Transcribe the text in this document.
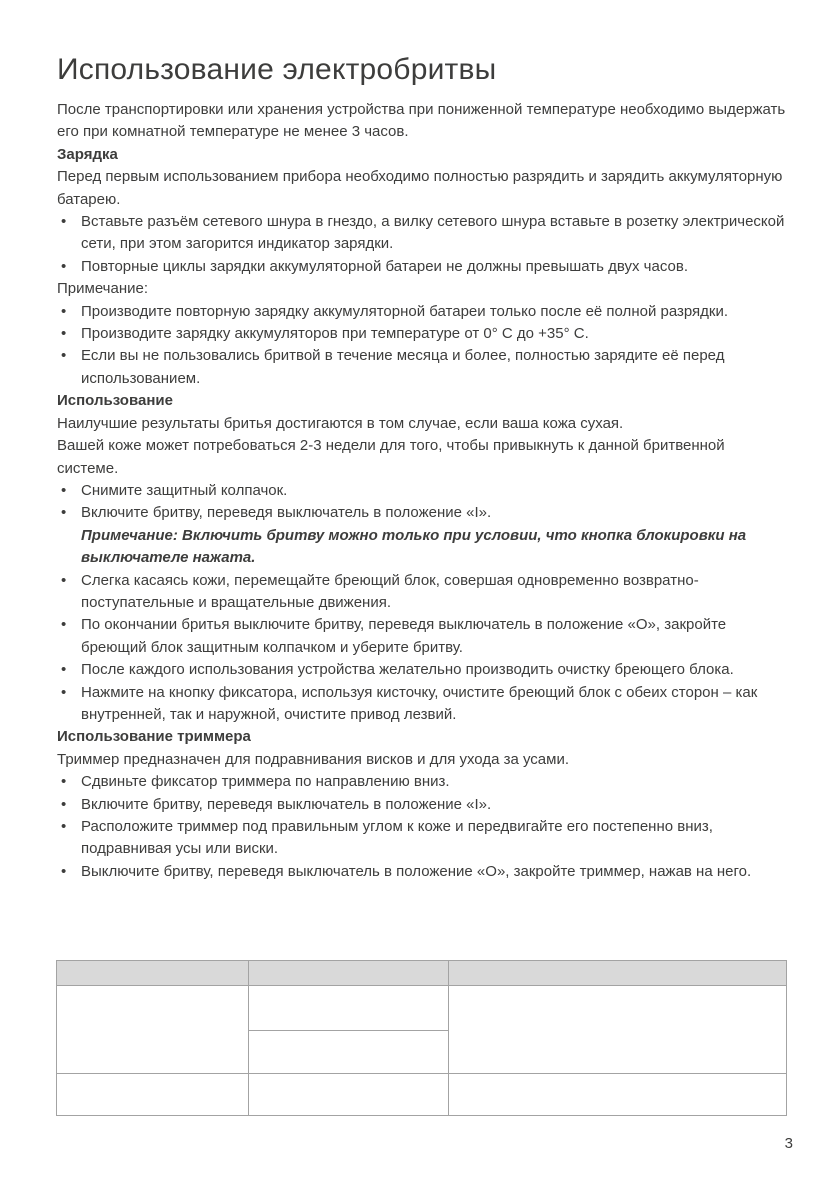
Использование электробритвы

После транспортировки или хранения устройства при пониженной температуре необходимо выдержать его при комнатной температуре не менее 3 часов.

Зарядка

Перед первым использованием прибора необходимо полностью разрядить и зарядить аккумуляторную батарею.

• Вставьте разъём сетевого шнура в гнездо, а вилку сетевого шнура вставьте в розетку электрической сети, при этом загорится индикатор зарядки.
• Повторные циклы зарядки аккумуляторной батареи не должны превышать двух часов.

Примечание:

• Производите повторную зарядку аккумуляторной батареи только после её полной разрядки.
• Производите зарядку аккумуляторов при температуре от 0° С до +35° С.
• Если вы не пользовались бритвой в течение месяца и более, полностью зарядите её перед использованием.

Использование

Наилучшие результаты бритья достигаются в том случае, если ваша кожа сухая.

Вашей коже может потребоваться 2-3 недели для того, чтобы привыкнуть к данной бритвенной системе.

• Снимите защитный колпачок.
• Включите бритву, переведя выключатель в положение «I».

Примечание: Включить бритву можно только при условии, что кнопка блокировки на выключателе нажата.

• Слегка касаясь кожи, перемещайте бреющий блок, совершая одновременно возвратно-поступательные и вращательные движения.
• По окончании бритья выключите бритву, переведя выключатель в положение «О», закройте бреющий блок защитным колпачком и уберите бритву.
• После каждого использования устройства желательно производить очистку бреющего блока.
• Нажмите на кнопку фиксатора, используя кисточку, очистите бреющий блок с обеих сторон – как внутренней, так и наружной, очистите привод лезвий.

Использование триммера

Триммер предназначен для подравнивания висков и для ухода за усами.

• Сдвиньте фиксатор триммера по направлению вниз.
• Включите бритву, переведя выключатель в положение «I».
• Расположите триммер под правильным углом к коже и передвигайте его постепенно вниз, подравнивая усы или виски.
• Выключите бритву, переведя выключатель в положение «О», закройте триммер, нажав на него.

3
